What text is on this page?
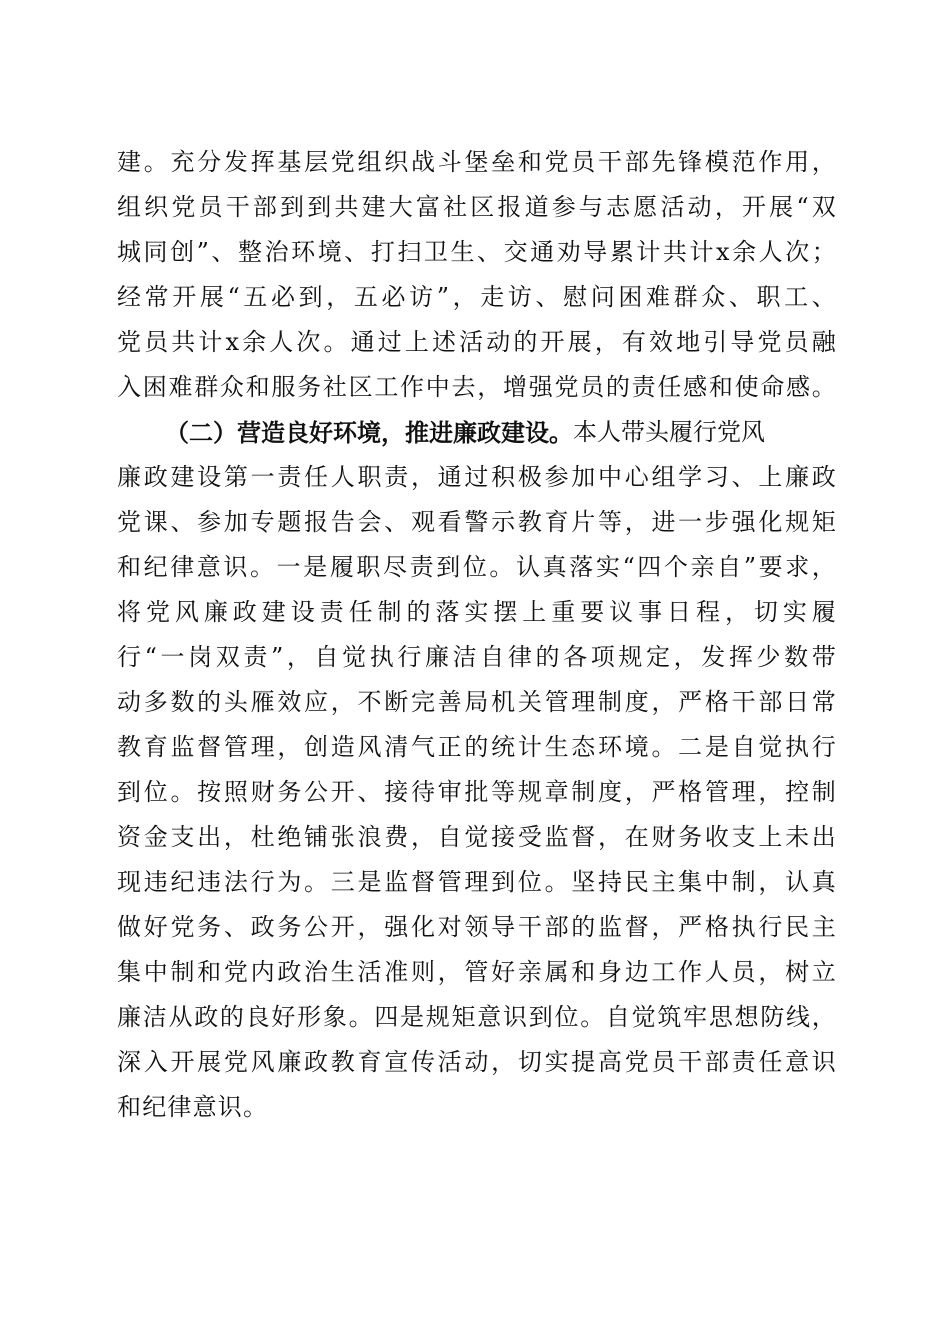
建。充分发挥基层党组织战斗堡垒和党员干部先锋模范作用，
组织党员干部到到共建大富社区报道参与志愿活动，开展“双
城同创”、整治环境、打扫卫生、交通劝导累计共计x余人次；
经常开展“五必到，五必访”，走访、慰问困难群众、职工、
党员共计x余人次。通过上述活动的开展，有效地引导党员融
入困难群众和服务社区工作中去，增强党员的责任感和使命感。
（二）营造良好环境，推进廉政建设。 本人带头履行党风
廉政建设第一责任人职责，通过积极参加中心组学习、上廉政
党课、参加专题报告会、观看警示教育片等，进一步强化规矩
和纪律意识。一是履职尽责到位。认真落实“四个亲自”要求，
将党风廉政建设责任制的落实摆上重要议事日程，切实履
行“一岗双责”，自觉执行廉洁自律的各项规定，发挥少数带
动多数的头雁效应，不断完善局机关管理制度，严格干部日常
教育监督管理，创造风清气正的统计生态环境。二是自觉执行
到位。按照财务公开、接待审批等规章制度，严格管理，控制
资金支出，杜绝铺张浪费，自觉接受监督，在财务收支上未出
现违纪违法行为。三是监督管理到位。坚持民主集中制，认真
做好党务、政务公开，强化对领导干部的监督，严格执行民主
集中制和党内政治生活准则，管好亲属和身边工作人员，树立
廉洁从政的良好形象。四是规矩意识到位。自觉筑牢思想防线，
深入开展党风廉政教育宣传活动，切实提高党员干部责任意识
和纪律意识。
